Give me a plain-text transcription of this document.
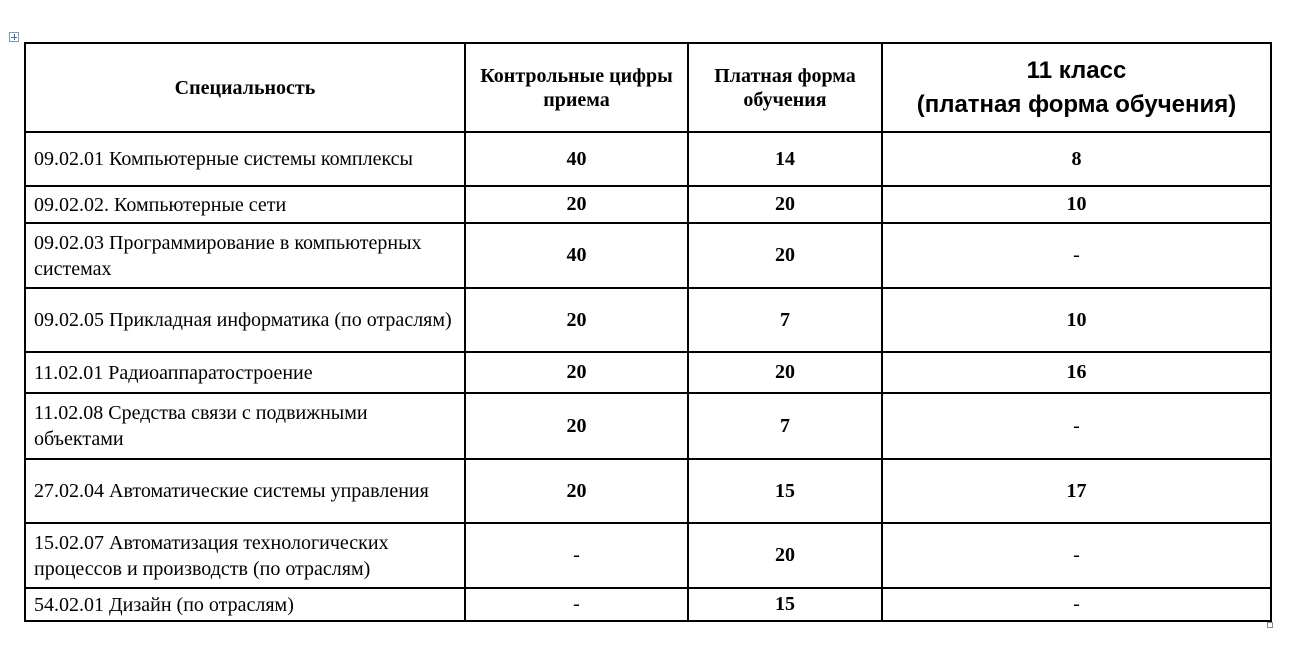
Специальность	Контрольные цифры приема	Платная форма обучения	11 класс
(платная форма обучения)

09.02.01 Компьютерные системы комплексы	40	14	8
09.02.02. Компьютерные сети	20	20	10
09.02.03 Программирование в компьютерных системах	40	20	-
09.02.05 Прикладная информатика (по отраслям)	20	7	10
11.02.01 Радиоаппаратостроение	20	20	16
11.02.08 Средства связи с подвижными объектами	20	7	-
27.02.04 Автоматические системы управления	20	15	17
15.02.07 Автоматизация технологических процессов и производств (по отраслям)	-	20	-
54.02.01 Дизайн (по отраслям)	-	15	-
